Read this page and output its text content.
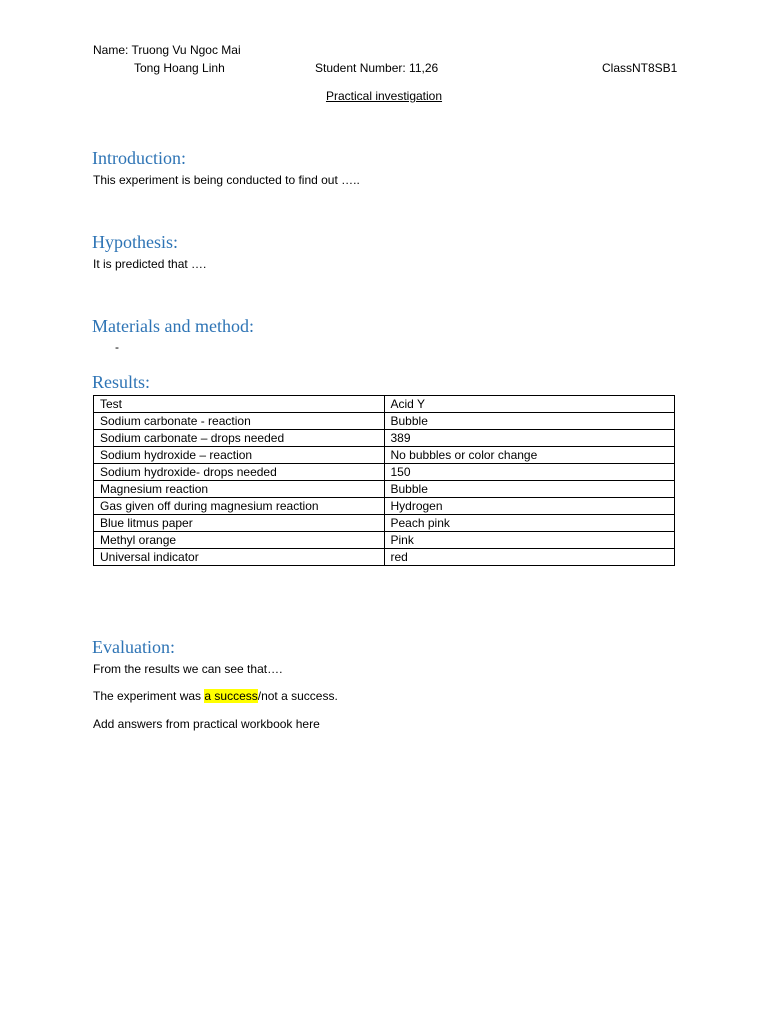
Name: Truong Vu Ngoc Mai
Tong Hoang Linh	Student Number: 11,26	ClassNT8SB1
Practical investigation
Introduction:
This experiment is being conducted to find out …..
Hypothesis:
It is predicted that ….
Materials and method:
-
Results:
Test	Acid Y
Sodium carbonate - reaction	Bubble
Sodium carbonate – drops needed	389
Sodium hydroxide – reaction	No bubbles or color change
Sodium hydroxide- drops needed	150
Magnesium reaction	Bubble
Gas given off during magnesium reaction	Hydrogen
Blue litmus paper	Peach pink
Methyl orange	Pink
Universal indicator	red
Evaluation:
From the results we can see that….
The experiment was a success/not a success.
Add answers from practical workbook here
